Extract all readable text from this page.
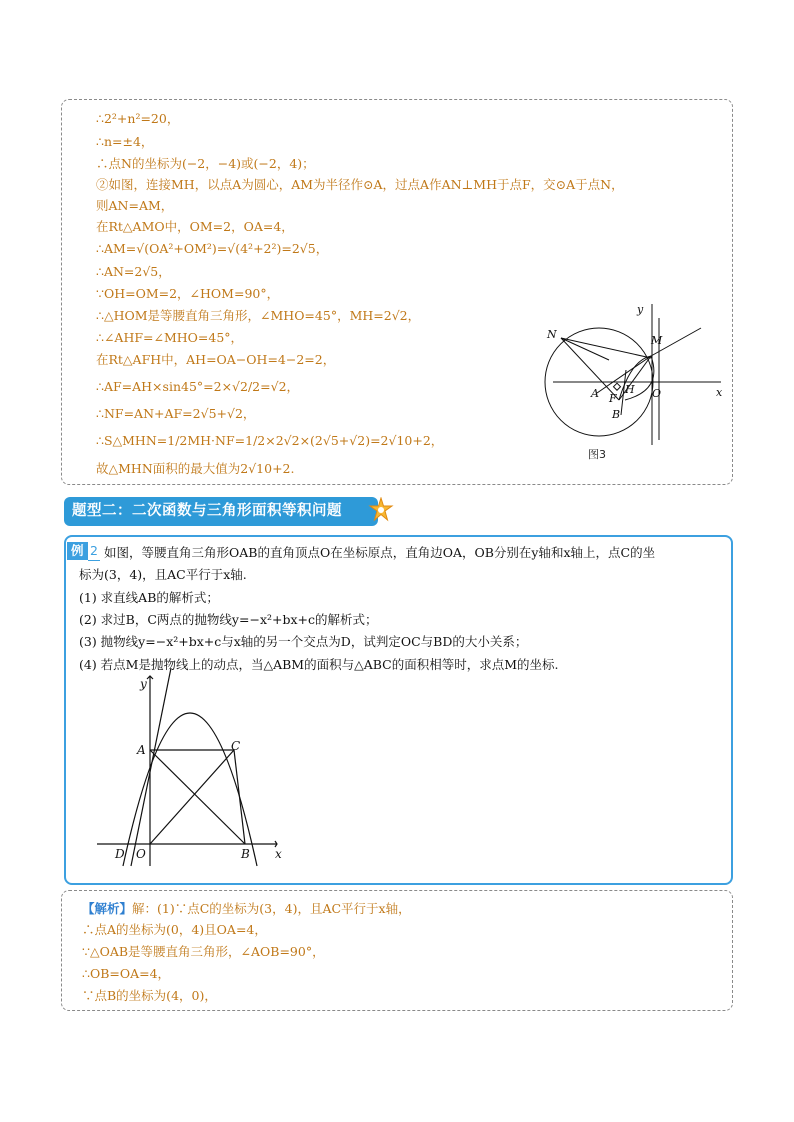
∴2²+n²=20，
∴n=±4，
∴点N的坐标为(−2，−4)或(−2，4)；
②如图，连接MH，以点A为圆心，AM为半径作⊙A，过点A作AN⊥MH于点F，交⊙A于点N，
则AN=AM，
在Rt△AMO中，OM=2，OA=4，
∴AM=√(OA²+OM²)=√(4²+2²)=2√5，
∴AN=2√5，
∵OH=OM=2，∠HOM=90°，
∴△HOM是等腰直角三角形，∠MHO=45°，MH=2√2，
∴∠AHF=∠MHO=45°，
在Rt△AFH中，AH=OA−OH=4−2=2，
∴AF=AH×sin45°=2×√2/2=√2，
∴NF=AN+AF=2√5+√2，
∴S△MHN=1/2MH·NF=1/2×2√2×(2√5+√2)=2√10+2，
故△MHN面积的最大值为2√10+2.
N	M
y
A F
H O
B
x
图3
题型二：二次函数与三角形面积等积问题
例 2 如图，等腰直角三角形OAB的直角顶点O在坐标原点，直角边OA，OB分别在y轴和x轴上，点C的坐
标为(3，4)，且AC平行于x轴.
(1) 求直线AB的解析式；
(2) 求过B，C两点的抛物线y=−x²+bx+c的解析式；
(3) 抛物线y=−x²+bx+c与x轴的另一个交点为D，试判定OC与BD的大小关系；
(4) 若点M是抛物线上的动点，当△ABM的面积与△ABC的面积相等时，求点M的坐标.
y
A	C
D O	B x
【解析】解：(1)∵点C的坐标为(3，4)，且AC平行于x轴，
∴点A的坐标为(0，4)且OA=4，
∵△OAB是等腰直角三角形，∠AOB=90°，
∴OB=OA=4，
∵点B的坐标为(4，0)，
